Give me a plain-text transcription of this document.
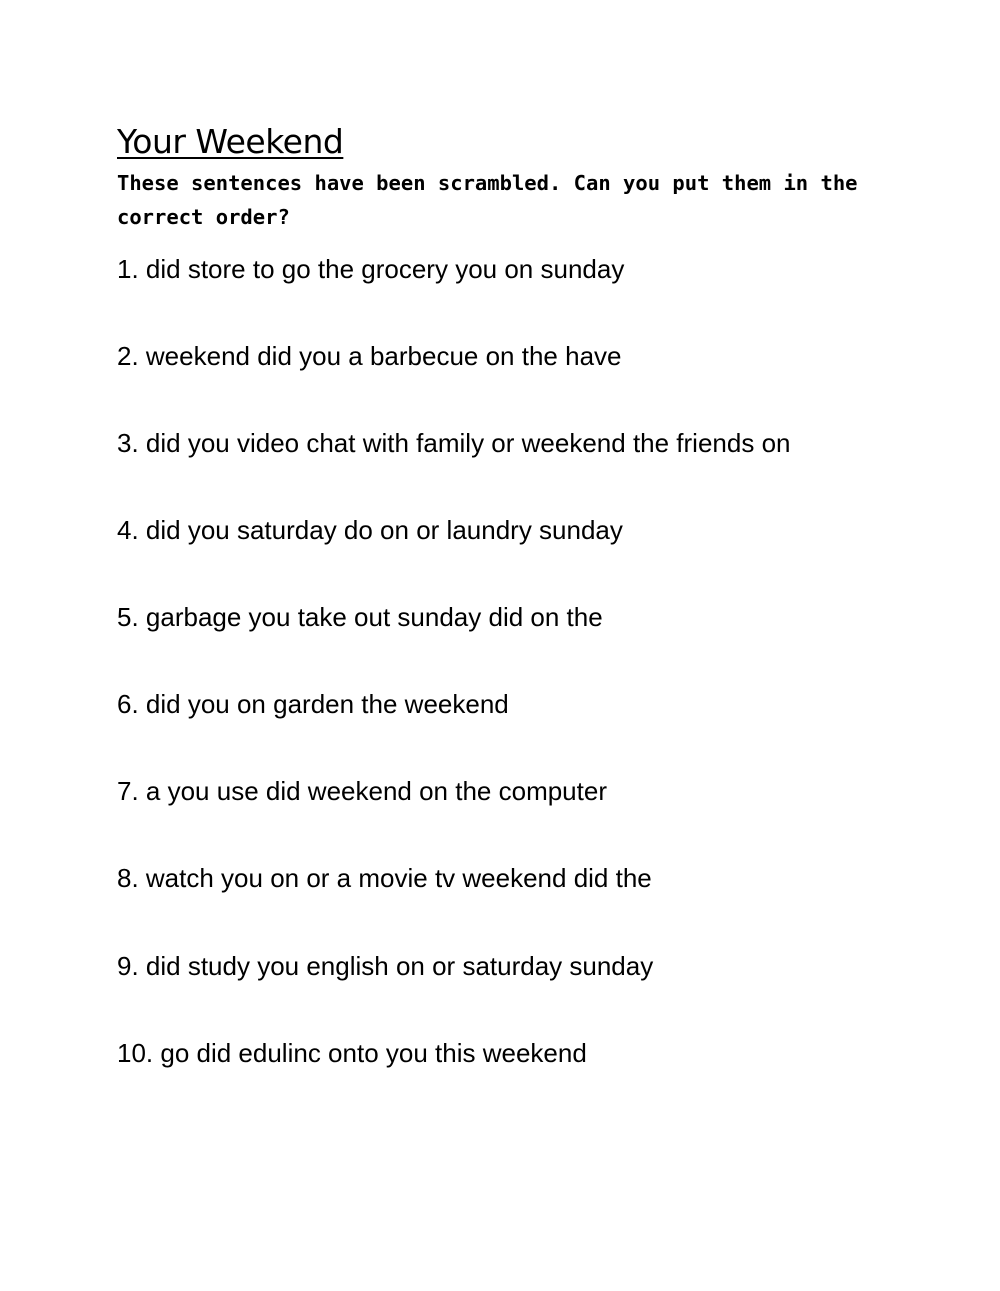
Your Weekend

These sentences have been scrambled. Can you put them in the correct order?

1. did store to go the grocery you on sunday

2. weekend did you a barbecue on the have

3. did you video chat with family or weekend the friends on

4. did you saturday do on or laundry sunday

5. garbage you take out sunday did on the

6. did you on garden the weekend

7. a you use did weekend on the computer

8. watch you on or a movie tv weekend did the

9. did study you english on or saturday sunday

10. go did edulinc onto you this weekend
